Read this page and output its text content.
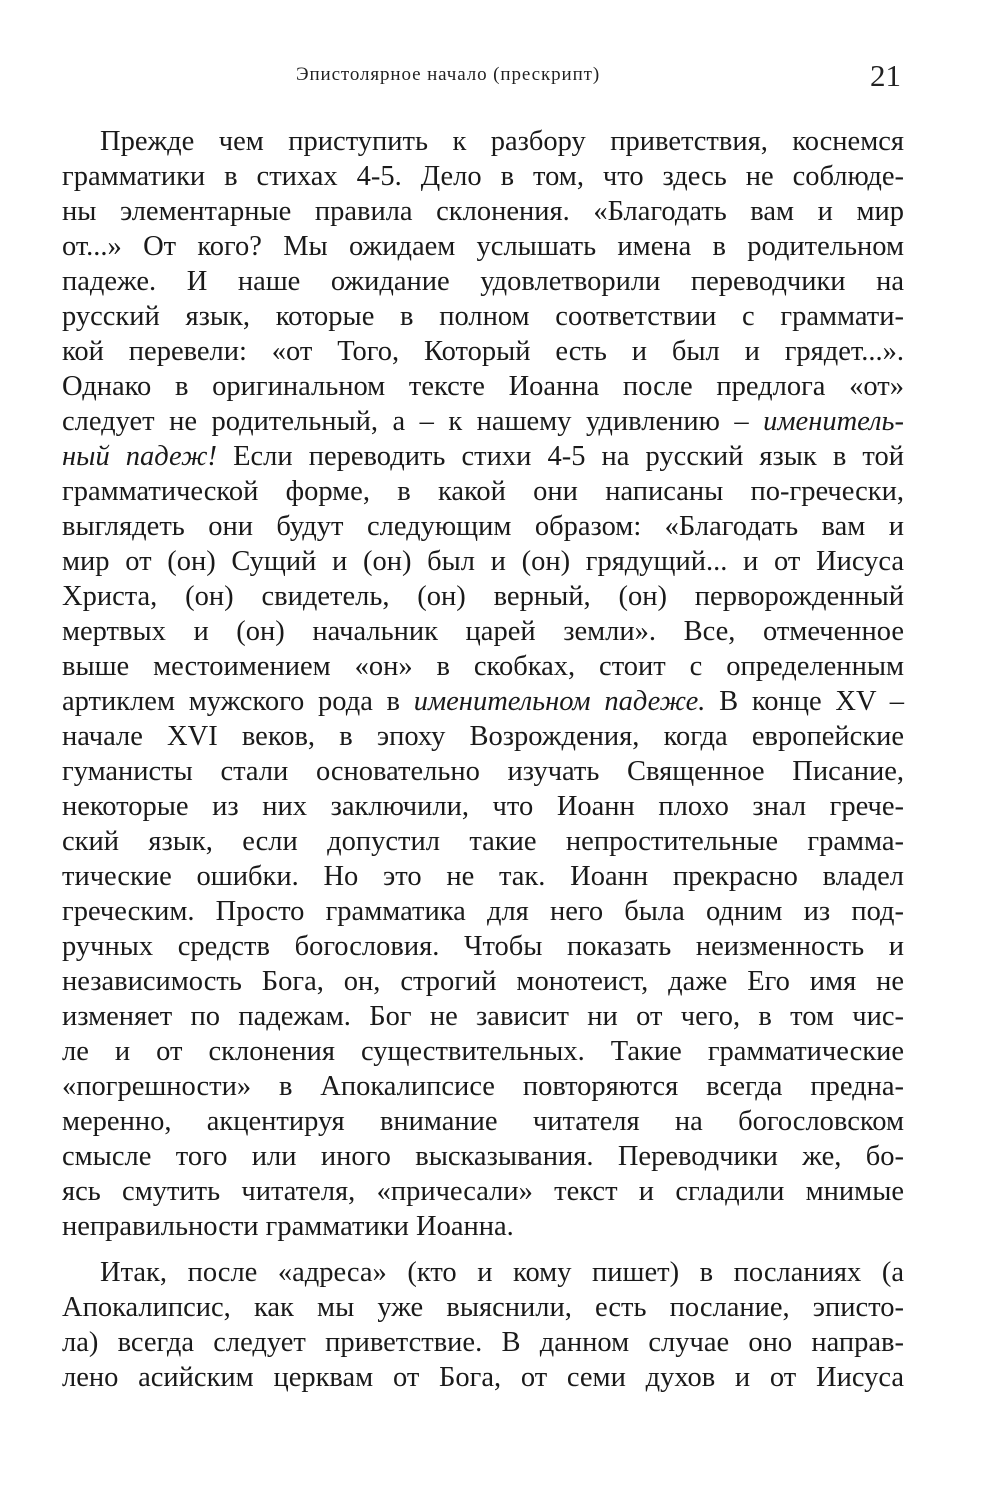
Эпистолярное начало (прескрипт)	21
Прежде чем приступить к разбору приветствия, коснемся
грамматики в стихах 4-5. Дело в том, что здесь не соблюде-
ны элементарные правила склонения. «Благодать вам и мир
от...» От кого? Мы ожидаем услышать имена в родительном
падеже. И наше ожидание удовлетворили переводчики на
русский язык, которые в полном соответствии с граммати-
кой перевели: «от Того, Который есть и был и грядет...».
Однако в оригинальном тексте Иоанна после предлога «от»
следует не родительный, а – к нашему удивлению – именитель-
ный падеж! Если переводить стихи 4-5 на русский язык в той
грамматической форме, в какой они написаны по-гречески,
выглядеть они будут следующим образом: «Благодать вам и
мир от (он) Сущий и (он) был и (он) грядущий... и от Иисуса
Христа, (он) свидетель, (он) верный, (он) перворожденный
мертвых и (он) начальник царей земли». Все, отмеченное
выше местоимением «он» в скобках, стоит с определенным
артиклем мужского рода в именительном падеже. В конце XV –
начале XVI веков, в эпоху Возрождения, когда европейские
гуманисты стали основательно изучать Священное Писание,
некоторые из них заключили, что Иоанн плохо знал грече-
ский язык, если допустил такие непростительные грамма-
тические ошибки. Но это не так. Иоанн прекрасно владел
греческим. Просто грамматика для него была одним из под-
ручных средств богословия. Чтобы показать неизменность и
независимость Бога, он, строгий монотеист, даже Его имя не
изменяет по падежам. Бог не зависит ни от чего, в том чис-
ле и от склонения существительных. Такие грамматические
«погрешности» в Апокалипсисе повторяются всегда предна-
меренно, акцентируя внимание читателя на богословском
смысле того или иного высказывания. Переводчики же, бо-
ясь смутить читателя, «причесали» текст и сгладили мнимые
неправильности грамматики Иоанна.
Итак, после «адреса» (кто и кому пишет) в посланиях (а
Апокалипсис, как мы уже выяснили, есть послание, эписто-
ла) всегда следует приветствие. В данном случае оно направ-
лено асийским церквам от Бога, от семи духов и от Иисуса
